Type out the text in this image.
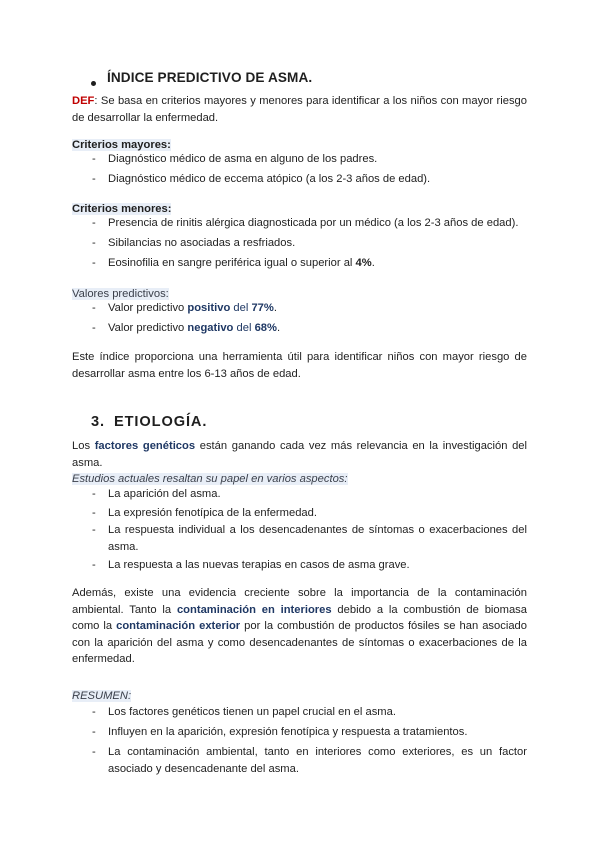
ÍNDICE PREDICTIVO DE ASMA.
DEF: Se basa en criterios mayores y menores para identificar a los niños con mayor riesgo de desarrollar la enfermedad.
Criterios mayores:
-	Diagnóstico médico de asma en alguno de los padres.
-	Diagnóstico médico de eccema atópico (a los 2-3 años de edad).
Criterios menores:
-	Presencia de rinitis alérgica diagnosticada por un médico (a los 2-3 años de edad).
-	Sibilancias no asociadas a resfriados.
-	Eosinofilia en sangre periférica igual o superior al 4%.
Valores predictivos:
-	Valor predictivo positivo del 77%.
-	Valor predictivo negativo del 68%.
Este índice proporciona una herramienta útil para identificar niños con mayor riesgo de desarrollar asma entre los 6-13 años de edad.
3. ETIOLOGÍA.
Los factores genéticos están ganando cada vez más relevancia en la investigación del asma.
Estudios actuales resaltan su papel en varios aspectos:
-	La aparición del asma.
-	La expresión fenotípica de la enfermedad.
-	La respuesta individual a los desencadenantes de síntomas o exacerbaciones del asma.
-	La respuesta a las nuevas terapias en casos de asma grave.
Además, existe una evidencia creciente sobre la importancia de la contaminación ambiental. Tanto la contaminación en interiores debido a la combustión de biomasa como la contaminación exterior por la combustión de productos fósiles se han asociado con la aparición del asma y como desencadenantes de síntomas o exacerbaciones de la enfermedad.
RESUMEN:
-	Los factores genéticos tienen un papel crucial en el asma.
-	Influyen en la aparición, expresión fenotípica y respuesta a tratamientos.
-	La contaminación ambiental, tanto en interiores como exteriores, es un factor asociado y desencadenante del asma.
